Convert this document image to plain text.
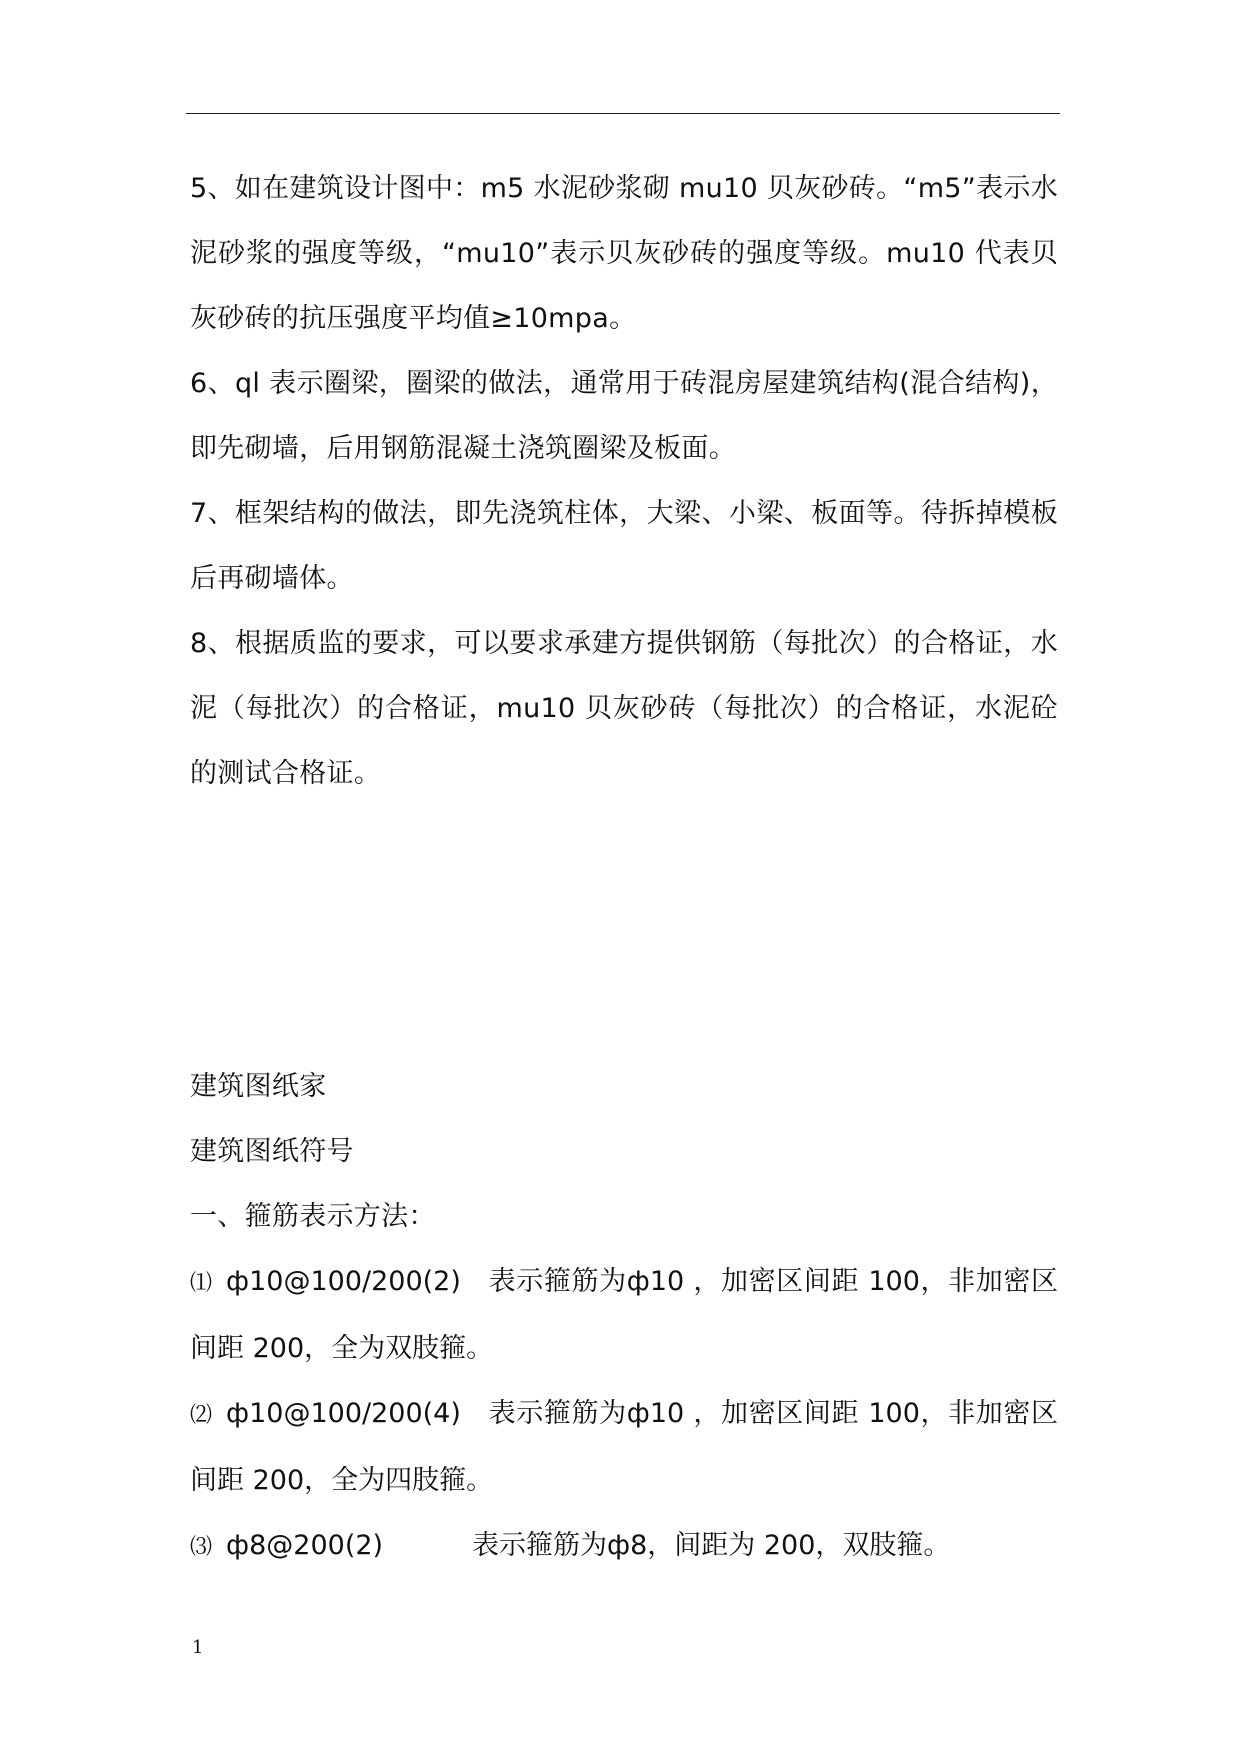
5、如在建筑设计图中：m5 水泥砂浆砌 mu10 贝灰砂砖。“m5”表示水泥砂浆的强度等级，“mu10”表示贝灰砂砖的强度等级。mu10 代表贝灰砂砖的抗压强度平均值≥10mpa。

6、ql 表示圈梁，圈梁的做法，通常用于砖混房屋建筑结构(混合结构)，即先砌墙，后用钢筋混凝土浇筑圈梁及板面。

7、框架结构的做法，即先浇筑柱体，大梁、小梁、板面等。待拆掉模板后再砌墙体。

8、根据质监的要求，可以要求承建方提供钢筋（每批次）的合格证，水泥（每批次）的合格证，mu10 贝灰砂砖（每批次）的合格证，水泥砼的测试合格证。

建筑图纸家

建筑图纸符号

一、箍筋表示方法：

⑴ ф10@100/200(2) 表示箍筋为ф10 ，加密区间距 100，非加密区间距 200，全为双肢箍。

⑵ ф10@100/200(4) 表示箍筋为ф10 ，加密区间距 100，非加密区间距 200，全为四肢箍。

⑶ ф8@200(2)	表示箍筋为ф8，间距为 200，双肢箍。

1
